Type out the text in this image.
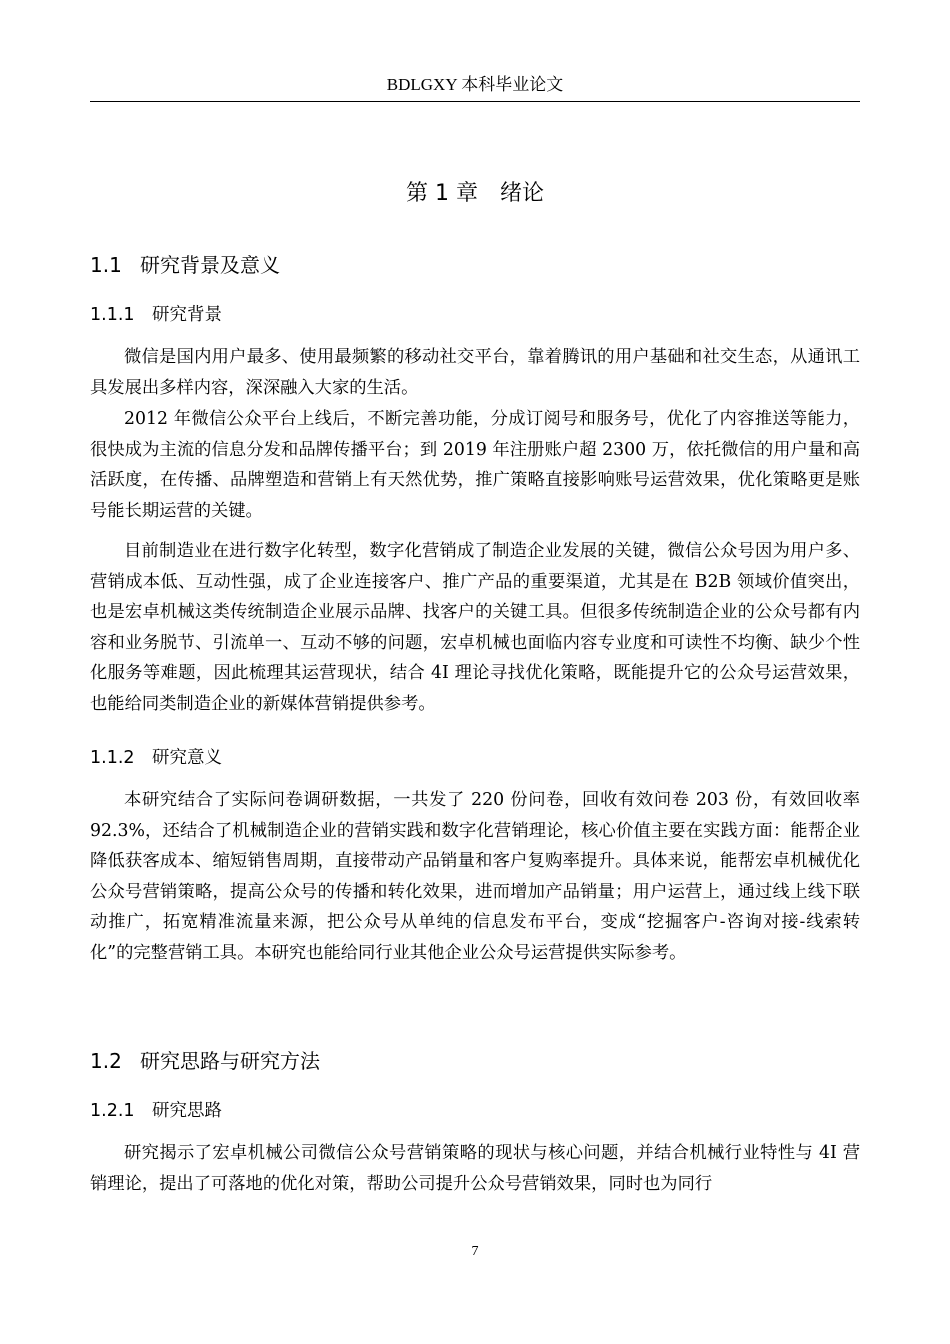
BDLGXY 本科毕业论文
第 1 章　绪论
1.1 研究背景及意义
1.1.1 研究背景

微信是国内用户最多、使用最频繁的移动社交平台，靠着腾讯的用户基础和社交生态，从通讯工具发展出多样内容，深深融入大家的生活。

2012 年微信公众平台上线后，不断完善功能，分成订阅号和服务号，优化了内容推送等能力，很快成为主流的信息分发和品牌传播平台；到 2019 年注册账户超 2300 万，依托微信的用户量和高活跃度，在传播、品牌塑造和营销上有天然优势，推广策略直接影响账号运营效果，优化策略更是账号能长期运营的关键。

目前制造业在进行数字化转型，数字化营销成了制造企业发展的关键，微信公众号因为用户多、营销成本低、互动性强，成了企业连接客户、推广产品的重要渠道，尤其是在 B2B 领域价值突出，也是宏卓机械这类传统制造企业展示品牌、找客户的关键工具。但很多传统制造企业的公众号都有内容和业务脱节、引流单一、互动不够的问题，宏卓机械也面临内容专业度和可读性不均衡、缺少个性化服务等难题，因此梳理其运营现状，结合 4I 理论寻找优化策略，既能提升它的公众号运营效果，也能给同类制造企业的新媒体营销提供参考。

1.1.2 研究意义

本研究结合了实际问卷调研数据，一共发了 220 份问卷，回收有效问卷 203 份，有效回收率 92.3%，还结合了机械制造企业的营销实践和数字化营销理论，核心价值主要在实践方面：能帮企业降低获客成本、缩短销售周期，直接带动产品销量和客户复购率提升。具体来说，能帮宏卓机械优化公众号营销策略，提高公众号的传播和转化效果，进而增加产品销量；用户运营上，通过线上线下联动推广，拓宽精准流量来源，把公众号从单纯的信息发布平台，变成“挖掘客户-咨询对接-线索转化”的完整营销工具。本研究也能给同行业其他企业公众号运营提供实际参考。

1.2 研究思路与研究方法
1.2.1 研究思路

研究揭示了宏卓机械公司微信公众号营销策略的现状与核心问题，并结合机械行业特性与 4I 营销理论，提出了可落地的优化对策，帮助公司提升公众号营销效果，同时也为同行

7
